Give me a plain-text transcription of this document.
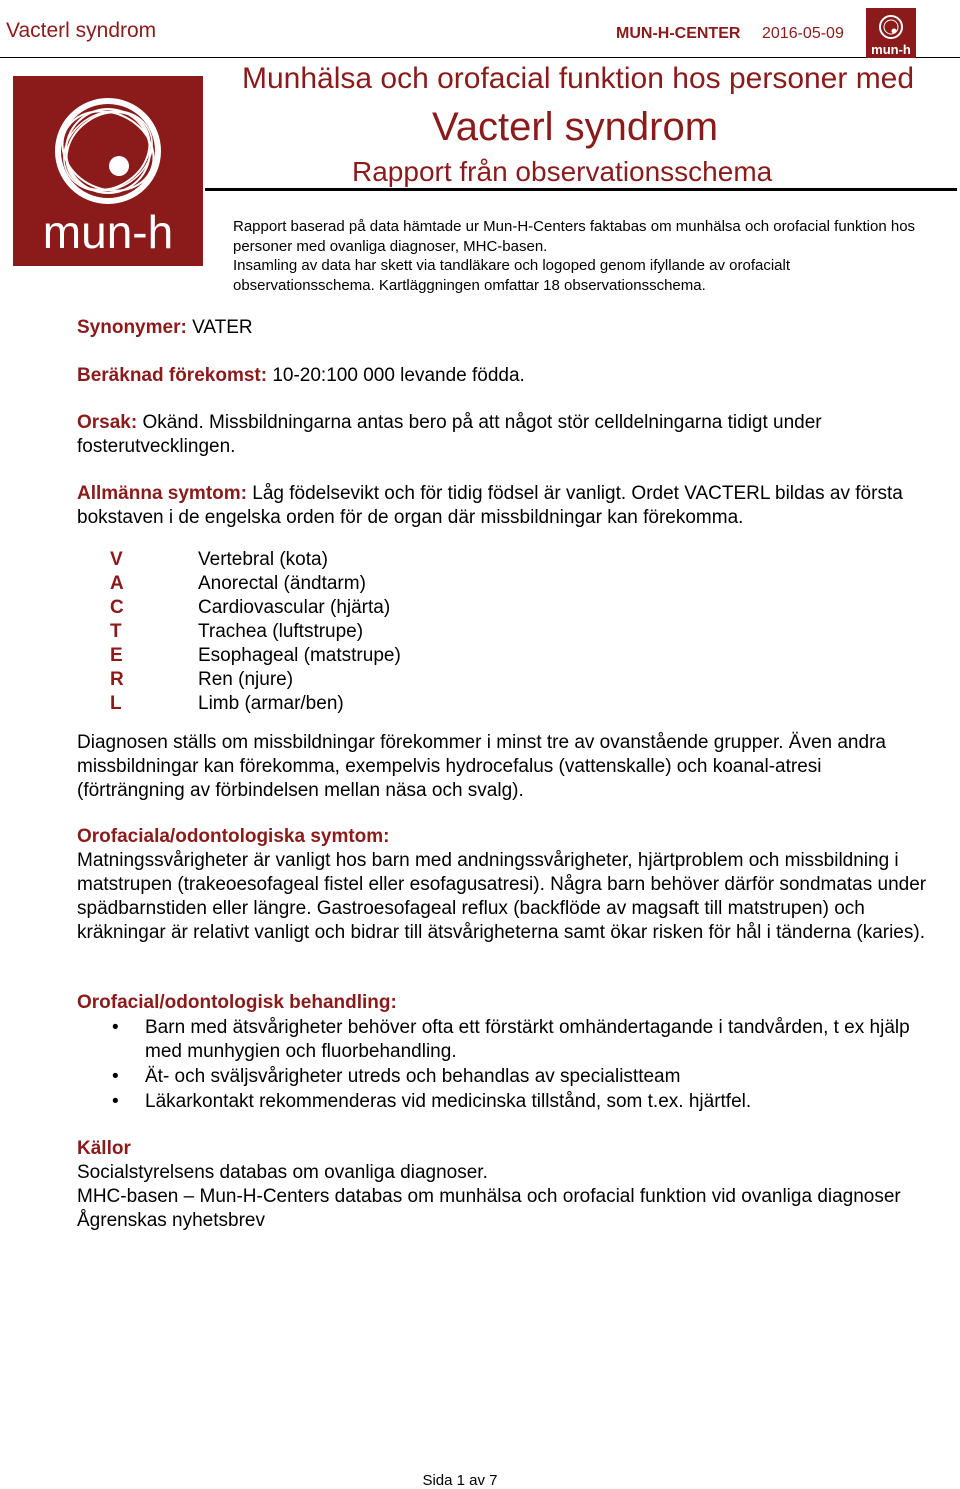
Vacterl syndrom	MUN-H-CENTER 2016-05-09
mun-h
mun-h
Munhälsa och orofacial funktion hos personer med
Vacterl syndrom
Rapport från observationsschema
Rapport baserad på data hämtade ur Mun-H-Centers faktabas om munhälsa och orofacial funktion hos personer med ovanliga diagnoser, MHC-basen.
Insamling av data har skett via tandläkare och logoped genom ifyllande av orofacialt observationsschema. Kartläggningen omfattar 18 observationsschema.
Synonymer: VATER
Beräknad förekomst: 10-20:100 000 levande födda.
Orsak: Okänd. Missbildningarna antas bero på att något stör celldelningarna tidigt under fosterutvecklingen.
Allmänna symtom: Låg födelsevikt och för tidig födsel är vanligt. Ordet VACTERL bildas av första bokstaven i de engelska orden för de organ där missbildningar kan förekomma.
V	Vertebral (kota)
A	Anorectal (ändtarm)
C	Cardiovascular (hjärta)
T	Trachea (luftstrupe)
E	Esophageal (matstrupe)
R	Ren (njure)
L	Limb (armar/ben)
Diagnosen ställs om missbildningar förekommer i minst tre av ovanstående grupper. Även andra missbildningar kan förekomma, exempelvis hydrocefalus (vattenskalle) och koanal-atresi (förträngning av förbindelsen mellan näsa och svalg).
Orofaciala/odontologiska symtom:
Matningssvårigheter är vanligt hos barn med andningssvårigheter, hjärtproblem och missbildning i matstrupen (trakeoesofageal fistel eller esofagusatresi). Några barn behöver därför sondmatas under spädbarnstiden eller längre. Gastroesofageal reflux (backflöde av magsaft till matstrupen) och kräkningar är relativt vanligt och bidrar till ätsvårigheterna samt ökar risken för hål i tänderna (karies).
Orofacial/odontologisk behandling:
•	Barn med ätsvårigheter behöver ofta ett förstärkt omhändertagande i tandvården, t ex hjälp med munhygien och fluorbehandling.
•	Ät- och sväljsvårigheter utreds och behandlas av specialistteam
•	Läkarkontakt rekommenderas vid medicinska tillstånd, som t.ex. hjärtfel.
Källor
Socialstyrelsens databas om ovanliga diagnoser.
MHC-basen – Mun-H-Centers databas om munhälsa och orofacial funktion vid ovanliga diagnoser
Ågrenskas nyhetsbrev
Sida 1 av 7
